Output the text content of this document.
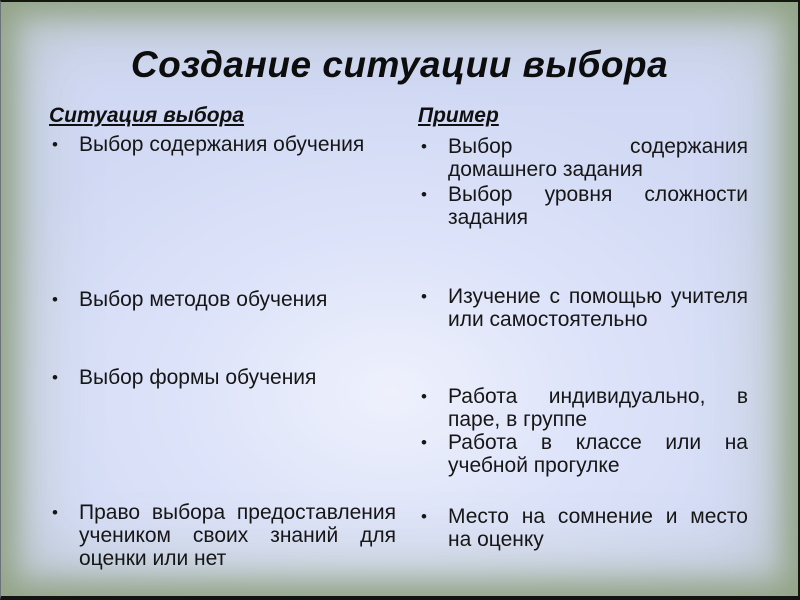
Создание ситуации выбора
Ситуация выбора
• Выбор содержания обучения
• Выбор методов обучения
• Выбор формы обучения
• Право выбора предоставления учеником своих знаний для оценки или нет
Пример
• Выбор содержания домашнего задания
• Выбор уровня сложности задания
• Изучение с помощью учителя или самостоятельно
• Работа индивидуально, в паре, в группе
• Работа в классе или на учебной прогулке
• Место на сомнение и место на оценку
